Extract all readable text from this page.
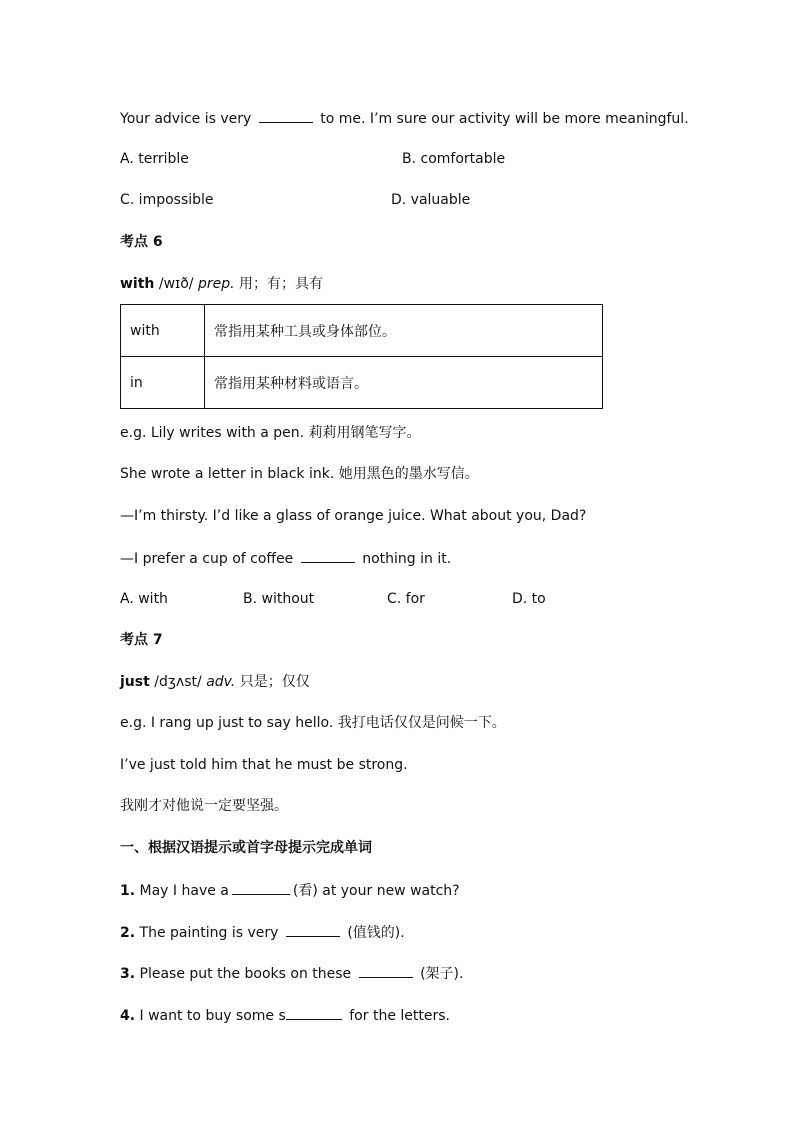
Your advice is very	to me. I’m sure our activity will be more meaningful.
A. terrible	B. comfortable
C. impossible	D. valuable
考点 6
with /wɪð/ prep. 用；有；具有
with	常指用某种工具或身体部位。
in	常指用某种材料或语言。
e.g. Lily writes with a pen. 莉莉用钢笔写字。
She wrote a letter in black ink. 她用黑色的墨水写信。
—I’m thirsty. I’d like a glass of orange juice. What about you, Dad?
—I prefer a cup of coffee	nothing in it.
A. with	B. without	C. for	D. to
考点 7
just /dʒʌst/ adv. 只是；仅仅
e.g. I rang up just to say hello. 我打电话仅仅是问候一下。
I’ve just told him that he must be strong.
我刚才对他说一定要坚强。
一、根据汉语提示或首字母提示完成单词
1. May I have a	(看) at your new watch?
2. The painting is very	(值钱的).
3. Please put the books on these	(架子).
4. I want to buy some s	for the letters.
